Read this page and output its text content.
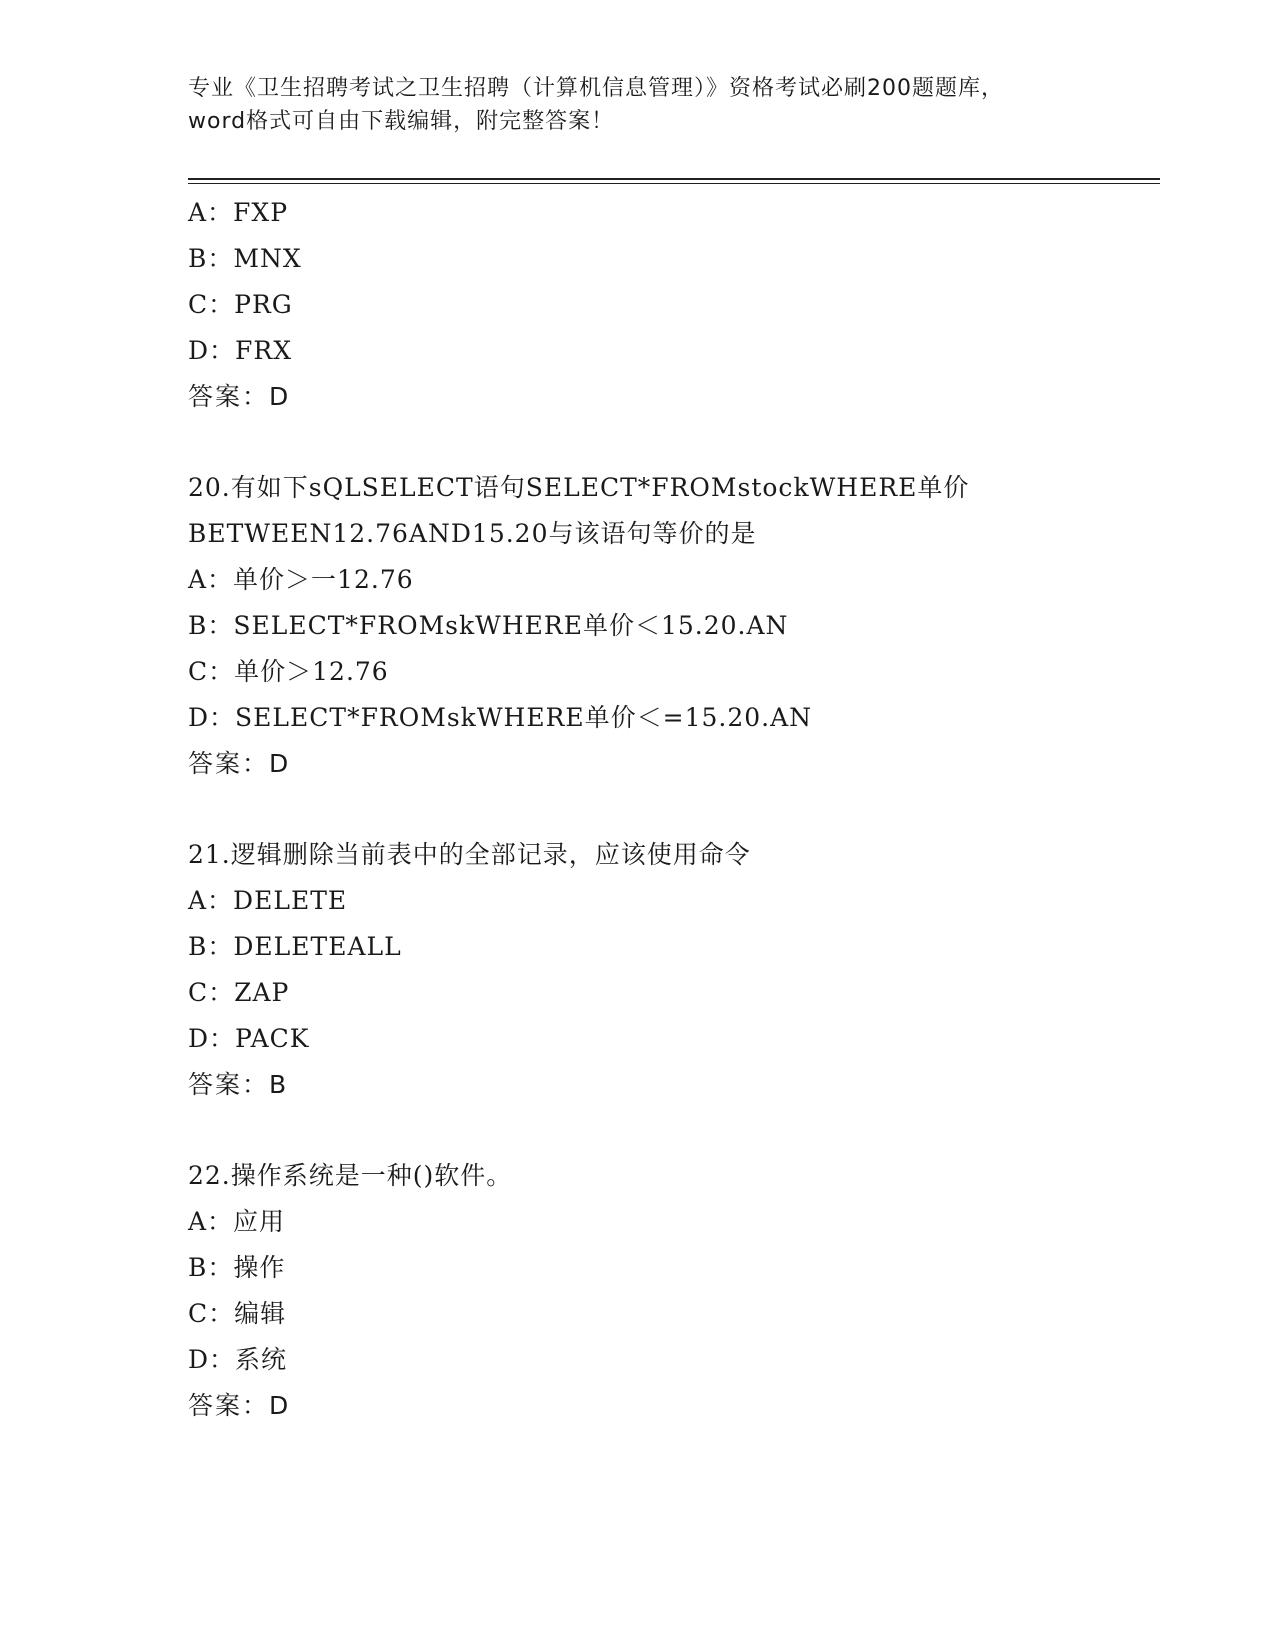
专业《卫生招聘考试之卫生招聘（计算机信息管理）》资格考试必刷200题题库，
word格式可自由下载编辑，附完整答案！
A：FXP
B：MNX
C：PRG
D：FRX
答案：D
20.有如下sQLSELECT语句SELECT*FROMstockWHERE单价
BETWEEN12.76AND15.20与该语句等价的是
A：单价＞一12.76
B：SELECT*FROMskWHERE单价＜15.20.AN
C：单价＞12.76
D：SELECT*FROMskWHERE单价＜=15.20.AN
答案：D
21.逻辑删除当前表中的全部记录，应该使用命令
A：DELETE
B：DELETEALL
C：ZAP
D：PACK
答案：B
22.操作系统是一种()软件。
A：应用
B：操作
C：编辑
D：系统
答案：D
